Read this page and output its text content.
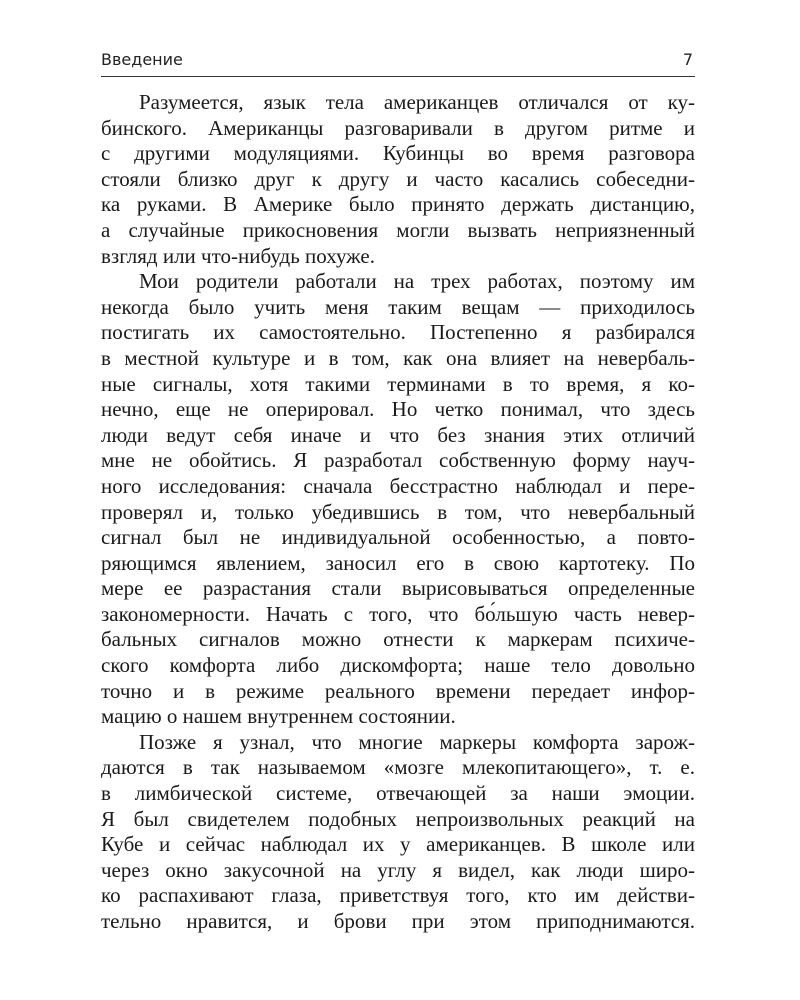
Введение	7
Разумеется, язык тела американцев отличался от ку-
бинского. Американцы разговаривали в другом ритме и
с другими модуляциями. Кубинцы во время разговора
стояли близко друг к другу и часто касались собеседни-
ка руками. В Америке было принято держать дистанцию,
а случайные прикосновения могли вызвать неприязненный
взгляд или что-нибудь похуже.
Мои родители работали на трех работах, поэтому им
некогда было учить меня таким вещам — приходилось
постигать их самостоятельно. Постепенно я разбирался
в местной культуре и в том, как она влияет на невербаль-
ные сигналы, хотя такими терминами в то время, я ко-
нечно, еще не оперировал. Но четко понимал, что здесь
люди ведут себя иначе и что без знания этих отличий
мне не обойтись. Я разработал собственную форму науч-
ного исследования: сначала бесстрастно наблюдал и пере-
проверял и, только убедившись в том, что невербальный
сигнал был не индивидуальной особенностью, а повто-
ряющимся явлением, заносил его в свою картотеку. По
мере ее разрастания стали вырисовываться определенные
закономерности. Начать с того, что бо́льшую часть невер-
бальных сигналов можно отнести к маркерам психиче-
ского комфорта либо дискомфорта; наше тело довольно
точно и в режиме реального времени передает инфор-
мацию о нашем внутреннем состоянии.
Позже я узнал, что многие маркеры комфорта зарож-
даются в так называемом «мозге млекопитающего», т. е.
в лимбической системе, отвечающей за наши эмоции.
Я был свидетелем подобных непроизвольных реакций на
Кубе и сейчас наблюдал их у американцев. В школе или
через окно закусочной на углу я видел, как люди широ-
ко распахивают глаза, приветствуя того, кто им действи-
тельно нравится, и брови при этом приподнимаются.
